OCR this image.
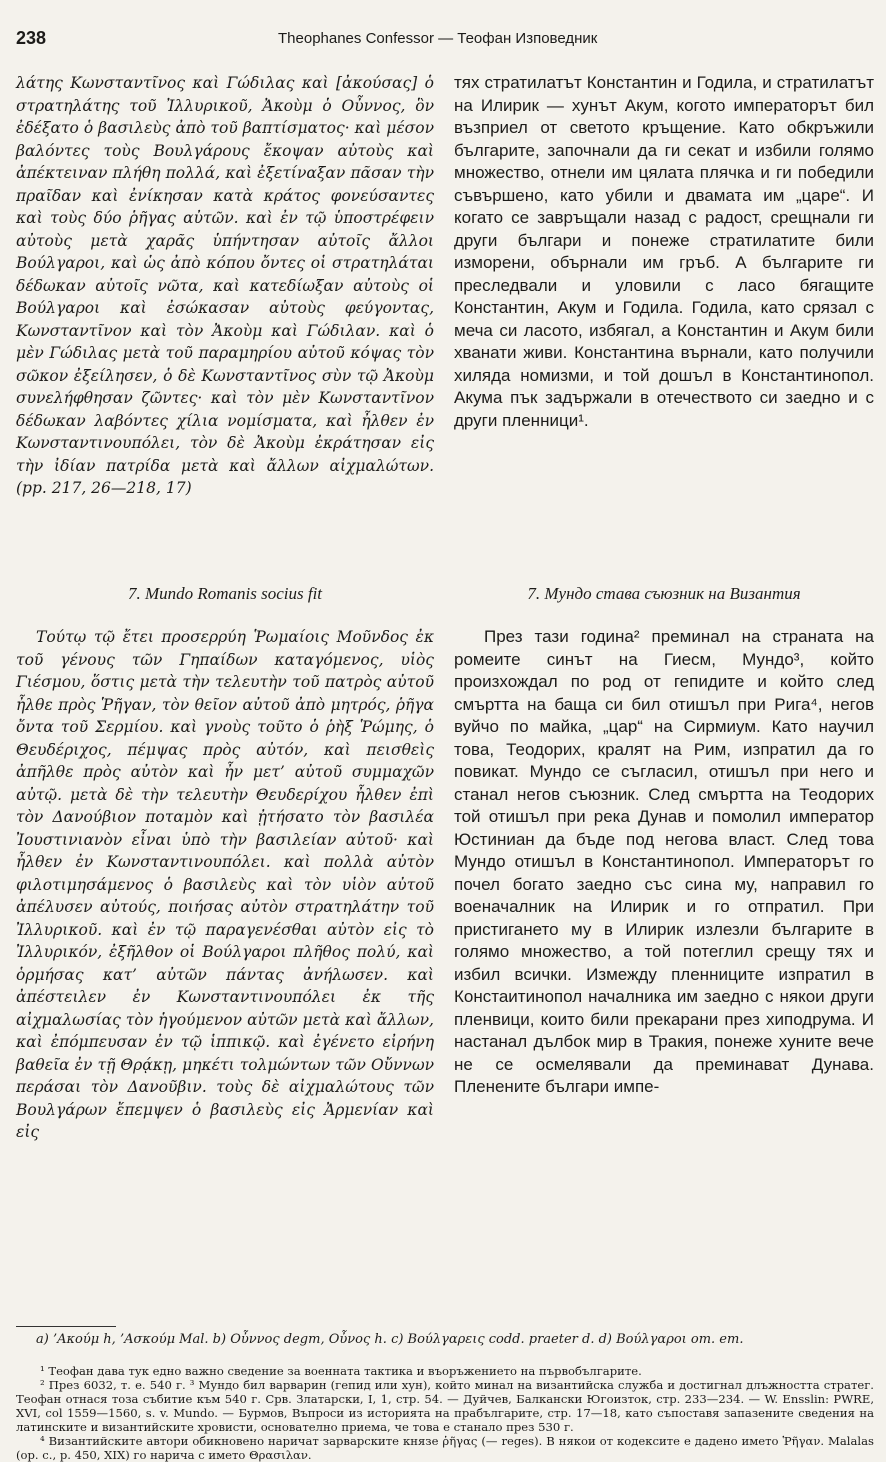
238	Theophanes Confessor — Теофан Изповедник

λάτης Κωνσταντῖνος καὶ Γώδιλας καὶ [ἀκούσας] ὁ στρατηλάτης τοῦ Ἰλλυρικοῦ, Ἀκοὺμ ὁ Οὖννος, ὃν ἐδέξατο ὁ βασιλεὺς ἀπὸ τοῦ βαπτίσματος· καὶ μέσον βαλόντες τοὺς Βουλγάρους ἔκοψαν αὐτοὺς καὶ ἀπέκτειναν πλήθη πολλά, καὶ ἐξετίναξαν πᾶσαν τὴν πραῖδαν καὶ ἐνίκησαν κατὰ κράτος φονεύσαντες καὶ τοὺς δύο ῥῆγας αὐτῶν. καὶ ἐν τῷ ὑποστρέφειν αὐτοὺς μετὰ χαρᾶς ὑπήντησαν αὐτοῖς ἄλλοι Βούλγαροι, καὶ ὡς ἀπὸ κόπου ὄντες οἱ στρατηλάται δέδωκαν αὐτοῖς νῶτα, καὶ κατεδίωξαν αὐτοὺς οἱ Βούλγαροι καὶ ἐσώκασαν αὐτοὺς φεύγοντας, Κωνσταντῖνον καὶ τὸν Ἀκοὺμ καὶ Γώδιλαν. καὶ ὁ μὲν Γώδιλας μετὰ τοῦ παραμηρίου αὐτοῦ κόψας τὸν σῶκον ἐξείλησεν, ὁ δὲ Κωνσταντῖνος σὺν τῷ Ἀκοὺμ συνελήφθησαν ζῶντες· καὶ τὸν μὲν Κωνσταντῖνον δέδωκαν λαβόντες χίλια νομίσματα, καὶ ἦλθεν ἐν Κωνσταντινουπόλει, τὸν δὲ Ἀκοὺμ ἐκράτησαν εἰς τὴν ἰδίαν πατρίδα μετὰ καὶ ἄλλων αἰχμαλώτων. (pp. 217, 26—218, 17)

тях стратилатът Константин и Годила, и стратилатът на Илирик — хунът Акум, когото императорът бил възприел от светото кръщение. Като обкръжили българите, започнали да ги секат и избили голямо множество, отнели им цялата плячка и ги победили съвършено, като убили и двамата им „царе“. И когато се завръщали назад с радост, срещнали ги други българи и понеже стратилатите били изморени, обърнали им гръб. А българите ги преследвали и уловили с ласо бягащите Константин, Акум и Годила. Годила, като срязал с меча си ласото, избягал, а Константин и Акум били хванати живи. Константина върнали, като получили хиляда номизми, и той дошъл в Константинопол. Акума пък задържали в отечеството си заедно и с други пленници¹.

7. Mundo Romanis socius fit	7. Мундо става съюзник на Византия

Τούτῳ τῷ ἔτει προσερρύη Ῥωμαίοις Μοῦνδος ἐκ τοῦ γένους τῶν Γηπαίδων καταγόμενος, υἱὸς Γιέσμου, ὅστις μετὰ τὴν τελευτὴν τοῦ πατρὸς αὐτοῦ ἦλθε πρὸς Ῥῆγαν, τὸν θεῖον αὐτοῦ ἀπὸ μητρός, ῥῆγα ὄντα τοῦ Σερμίου. καὶ γνοὺς τοῦτο ὁ ῥὴξ Ῥώμης, ὁ Θευδέριχος, πέμψας πρὸς αὐτόν, καὶ πεισθεὶς ἀπῆλθε πρὸς αὐτὸν καὶ ἦν μετ’ αὐτοῦ συμμαχῶν αὐτῷ. μετὰ δὲ τὴν τελευτὴν Θευδερίχου ἦλθεν ἐπὶ τὸν Δανούβιον ποταμὸν καὶ ᾐτήσατο τὸν βασιλέα Ἰουστινιανὸν εἶναι ὑπὸ τὴν βασιλείαν αὐτοῦ· καὶ ἦλθεν ἐν Κωνσταντινουπόλει. καὶ πολλὰ αὐτὸν φιλοτιμησάμενος ὁ βασιλεὺς καὶ τὸν υἱὸν αὐτοῦ ἀπέλυσεν αὐτούς, ποιήσας αὐτὸν στρατηλάτην τοῦ Ἰλλυρικοῦ. καὶ ἐν τῷ παραγενέσθαι αὐτὸν εἰς τὸ Ἰλλυρικόν, ἐξῆλθον οἱ Βούλγαροι πλῆθος πολύ, καὶ ὁρμήσας κατ’ αὐτῶν πάντας ἀνήλωσεν. καὶ ἀπέστειλεν ἐν Κωνσταντινουπόλει ἐκ τῆς αἰχμαλωσίας τὸν ἡγούμενον αὐτῶν μετὰ καὶ ἄλλων, καὶ ἐπόμπευσαν ἐν τῷ ἱππικῷ. καὶ ἐγένετο εἰρήνη βαθεῖα ἐν τῇ Θρᾴκῃ, μηκέτι τολμώντων τῶν Οὔννων περάσαι τὸν Δανοῦβιν. τοὺς δὲ αἰχμαλώτους τῶν Βουλγάρων ἔπεμψεν ὁ βασιλεὺς εἰς Ἀρμενίαν καὶ εἰς

През тази година² преминал на страната на ромеите синът на Гиесм, Мундо³, който произхождал по род от гепидите и който след смъртта на баща си бил отишъл при Рига⁴, негов вуйчо по майка, „цар“ на Сирмиум. Като научил това, Теодорих, кралят на Рим, изпратил да го повикат. Мундо се съгласил, отишъл при него и станал негов съюзник. След смъртта на Теодорих той отишъл при река Дунав и помолил император Юстиниан да бъде под негова власт. След това Мундо отишъл в Константинопол. Императорът го почел богато заедно със сина му, направил го военачалник на Илирик и го отпратил. При пристигането му в Илирик излезли българите в голямо множество, а той потеглил срещу тях и избил всички. Измежду пленниците изпратил в Констаитинопол началника им заедно с някои други пленвици, които били прекарани през хиподрума. И настанал дълбок мир в Тракия, понеже хуните вече не се осмелявали да преминават Дунава. Пленените българи импе-

a) ’Ακούμ h, ’Ασκούμ Mal. b) Οὖννος degm, Οὖνος h. c) Βούλγαρεις codd. praeter d. d) Βούλγαροι om. em.

¹ Теофан дава тук едно важно сведение за военната тактика и въоръжението на първобългарите.

² През 6032, т. е. 540 г. ³ Мундо бил варварин (гепид или хун), който минал на византийска служба и достигнал длъжността стратег. Теофан отнася тоза събитие към 540 г. Срв. Златарски, I, 1, стр. 54. — Дуйчев, Балкански Югоизток, стр. 233—234. — W. Ensslin: PWRE, XVI, col 1559—1560, s. v. Mundo. — Бурмов, Въпроси из историята на прабългарите, стр. 17—18, като съпоставя запазените сведения на латинските и византийските хровисти, основателно приема, че това е станало през 530 г.

⁴ Византийските автори обикновено наричат зарварските князе ῥῆγας (— reges). В някои от кодексите е дадено името Ῥῆγαν. Malalas (op. c., p. 450, XIX) го нарича с името Θρασιλαν.
